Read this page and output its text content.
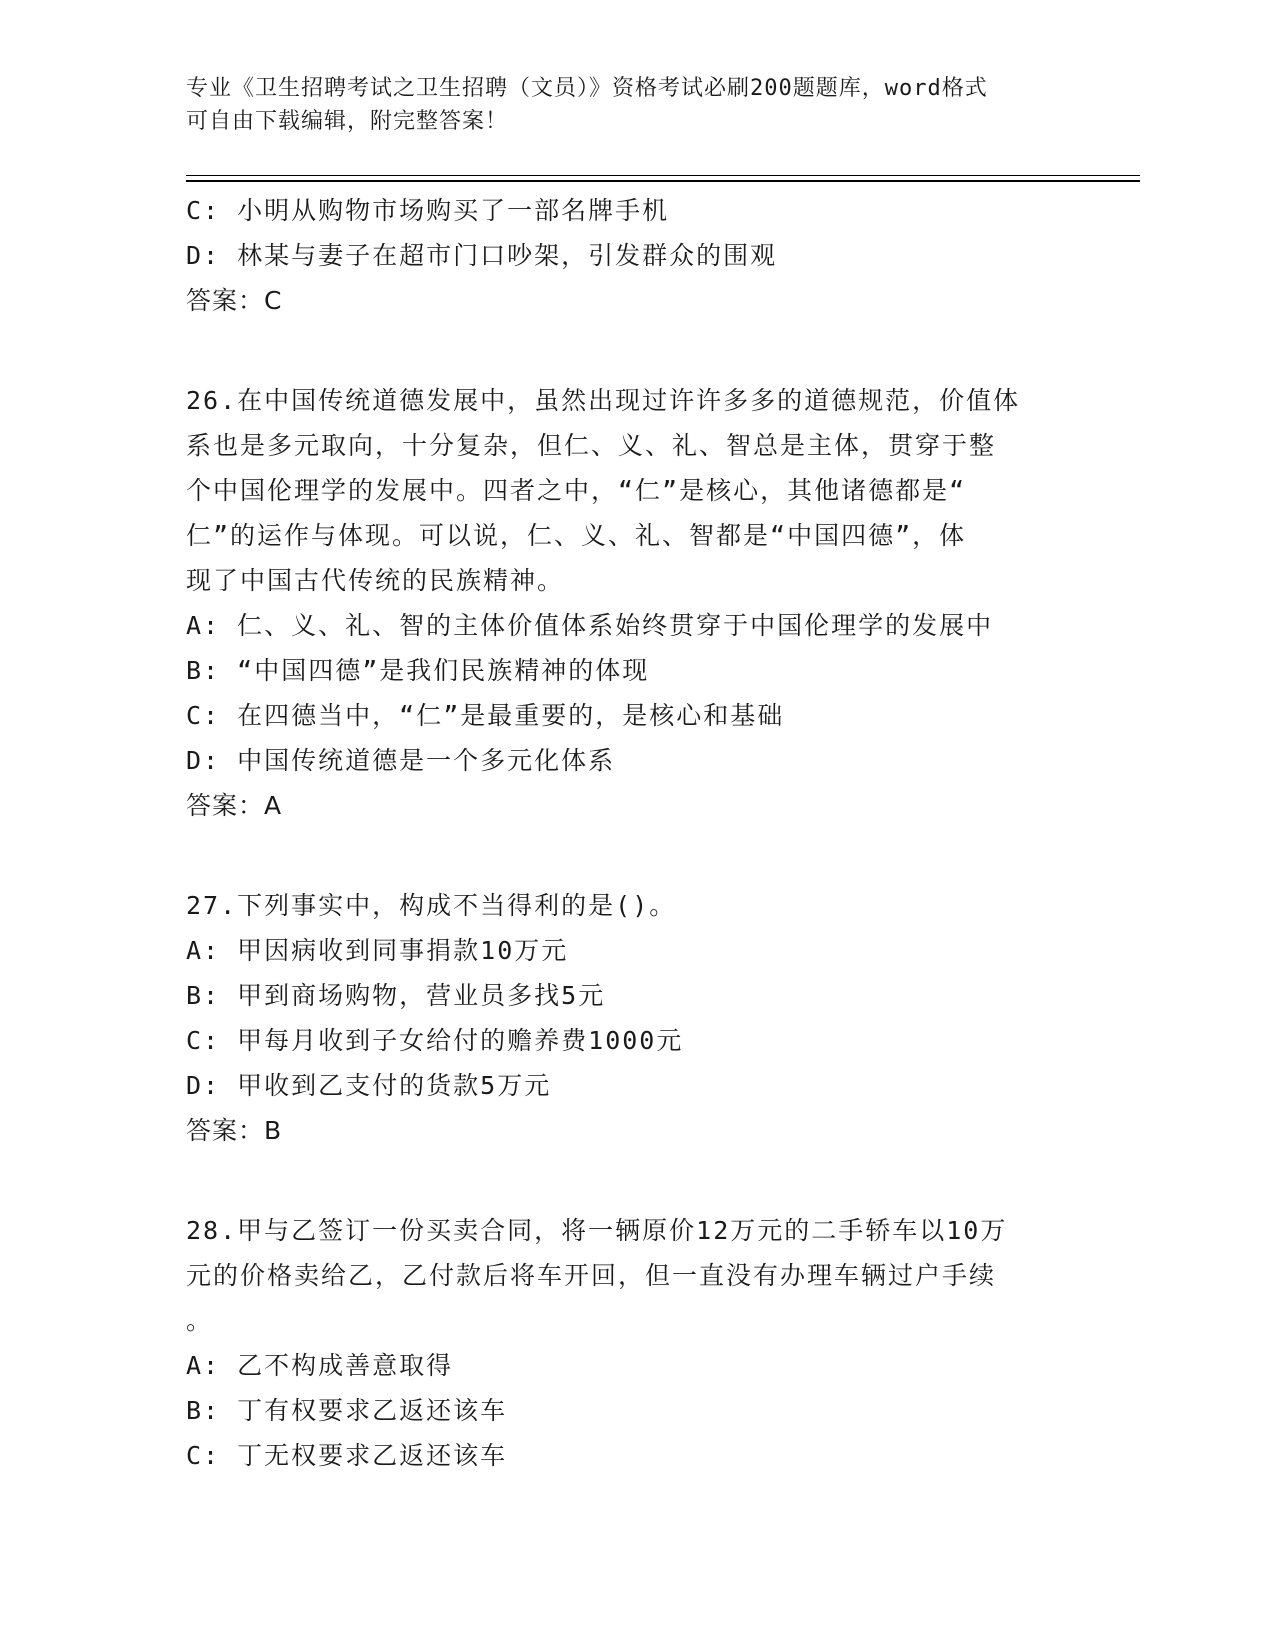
专业《卫生招聘考试之卫生招聘（文员）》资格考试必刷200题题库，word格式
可自由下载编辑，附完整答案！
C: 小明从购物市场购买了一部名牌手机
D: 林某与妻子在超市门口吵架，引发群众的围观
答案：C
26.在中国传统道德发展中，虽然出现过许许多多的道德规范，价值体
系也是多元取向，十分复杂，但仁、义、礼、智总是主体，贯穿于整
个中国伦理学的发展中。四者之中，“仁”是核心，其他诸德都是“
仁”的运作与体现。可以说，仁、义、礼、智都是“中国四德”，体
现了中国古代传统的民族精神。
A: 仁、义、礼、智的主体价值体系始终贯穿于中国伦理学的发展中
B: “中国四德”是我们民族精神的体现
C: 在四德当中，“仁”是最重要的，是核心和基础
D: 中国传统道德是一个多元化体系
答案：A
27.下列事实中，构成不当得利的是()。
A: 甲因病收到同事捐款10万元
B: 甲到商场购物，营业员多找5元
C: 甲每月收到子女给付的赡养费1000元
D: 甲收到乙支付的货款5万元
答案：B
28.甲与乙签订一份买卖合同，将一辆原价12万元的二手轿车以10万
元的价格卖给乙，乙付款后将车开回，但一直没有办理车辆过户手续
。
A: 乙不构成善意取得
B: 丁有权要求乙返还该车
C: 丁无权要求乙返还该车
